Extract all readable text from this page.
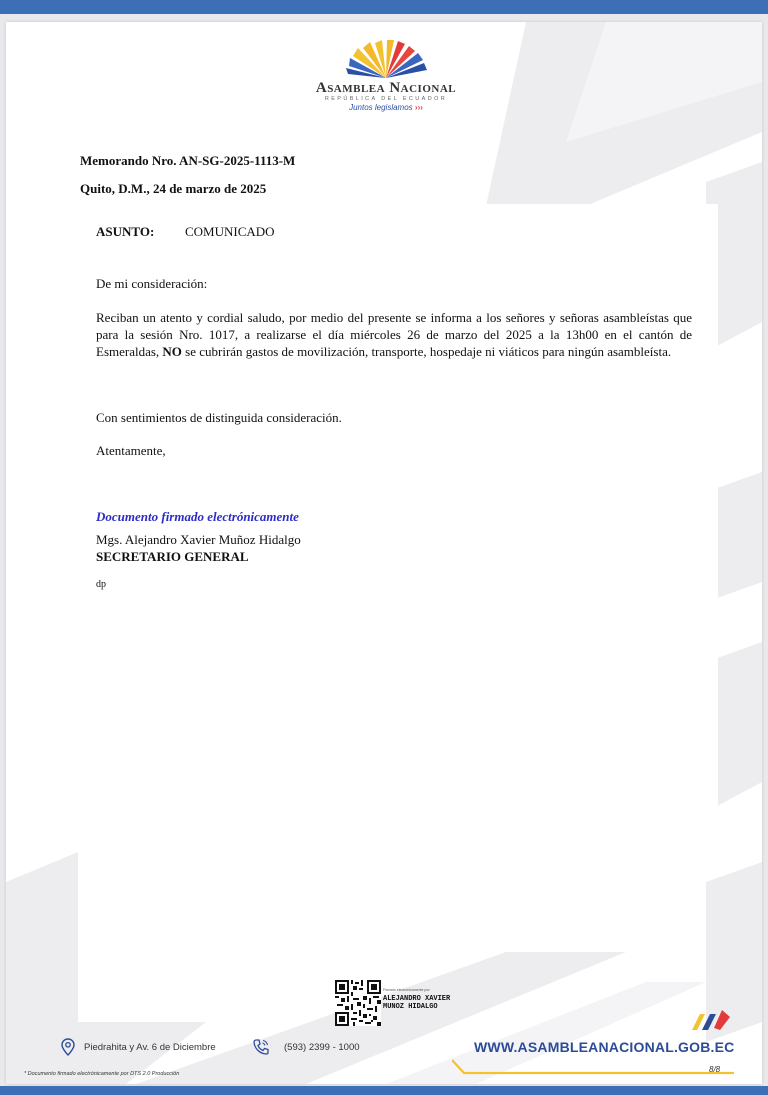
Asamblea Nacional
REPÚBLICA DEL ECUADOR
Juntos legislamos ›››
Memorando Nro. AN-SG-2025-1113-M
Quito, D.M., 24 de marzo de 2025
ASUNTO: COMUNICADO
De mi consideración:
Reciban un atento y cordial saludo, por medio del presente se informa a los señores y señoras asambleístas que para la sesión Nro. 1017, a realizarse el día miércoles 26 de marzo del 2025 a la 13h00 en el cantón de Esmeraldas, NO se cubrirán gastos de movilización, transporte, hospedaje ni viáticos para ningún asambleísta.
Con sentimientos de distinguida consideración.
Atentamente,
Documento firmado electrónicamente
Mgs. Alejandro Xavier Muñoz Hidalgo
SECRETARIO GENERAL
dp
Firmado electrónicamente por:
ALEJANDRO XAVIER
MUNOZ HIDALGO
Piedrahita y Av. 6 de Diciembre	(593) 2399 - 1000	WWW.ASAMBLEANACIONAL.GOB.EC
8/8
* Documento firmado electrónicamente por DTS 2.0 Producción
